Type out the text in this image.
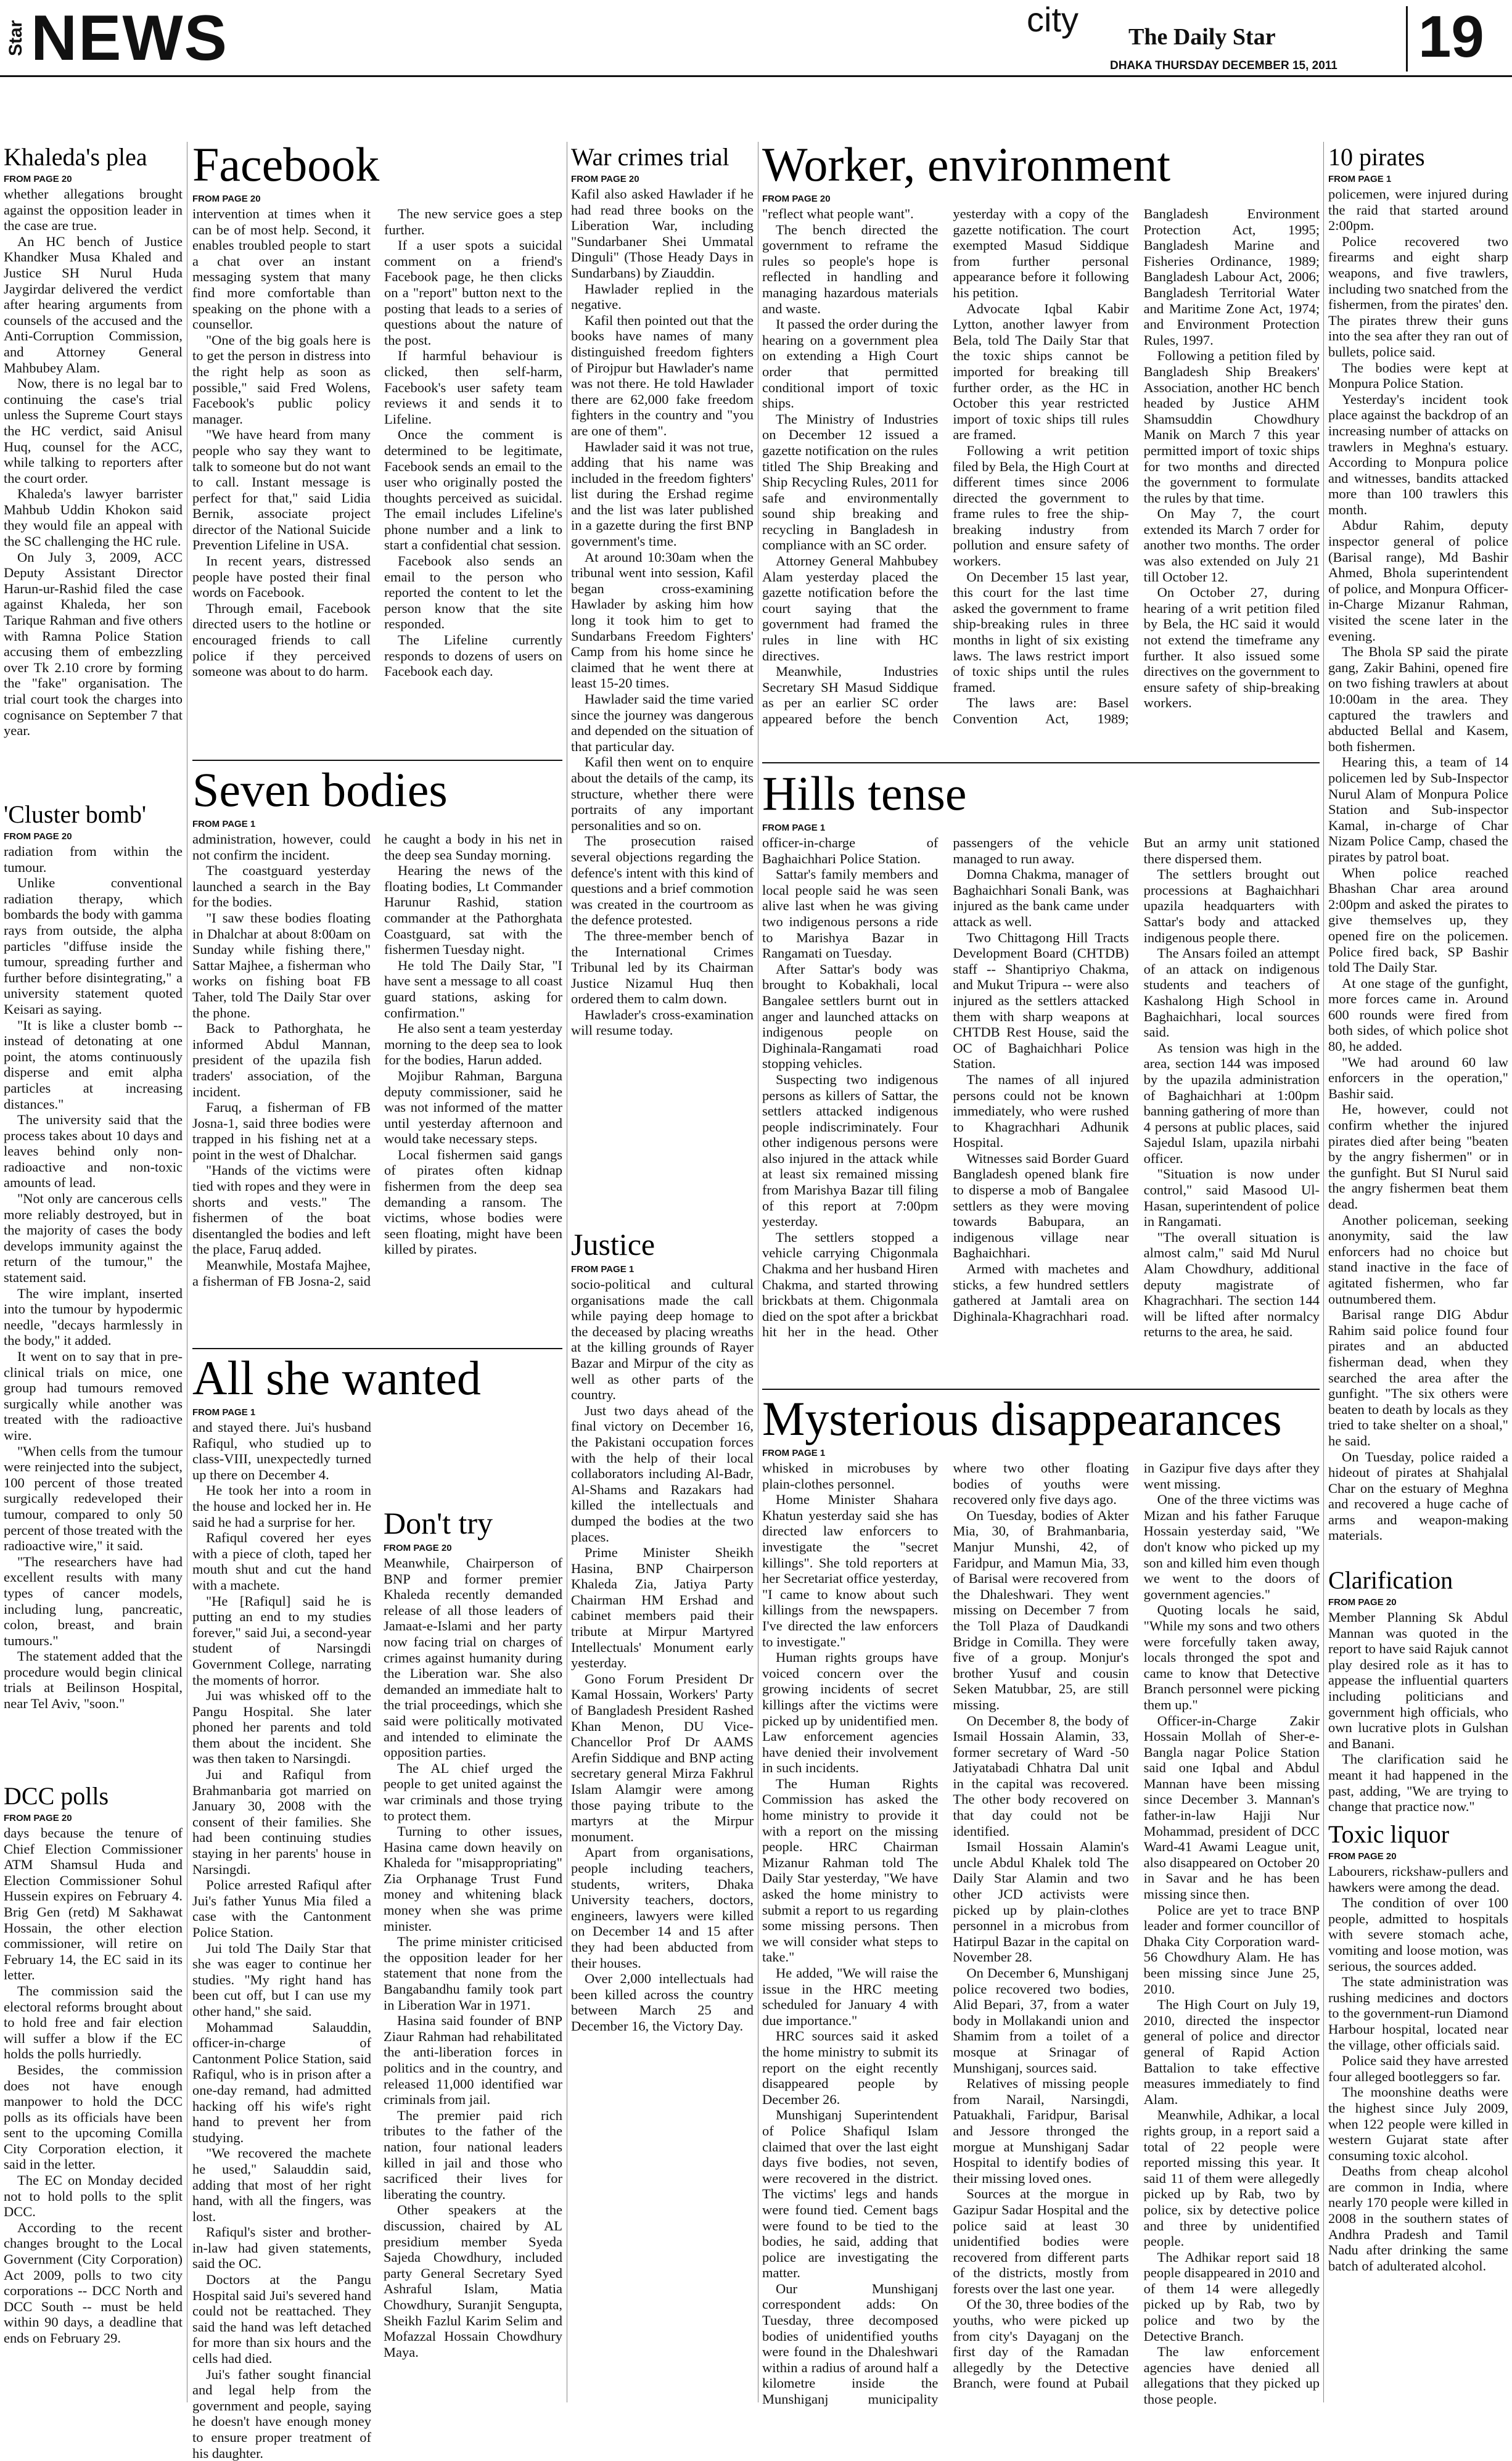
Star NEWS	city The Daily Star
DHAKA THURSDAY DECEMBER 15, 2011 19
Khaleda's plea
FROM PAGE 20

whether allegations brought against the opposition leader in the case are true.

An HC bench of Justice Khandker Musa Khaled and Justice SH Nurul Huda Jaygirdar delivered the verdict after hearing arguments from counsels of the accused and the Anti-Corruption Commission, and Attorney General Mahbubey Alam.

Now, there is no legal bar to continuing the case's trial unless the Supreme Court stays the HC verdict, said Anisul Huq, counsel for the ACC, while talking to reporters after the court order.

Khaleda's lawyer barrister Mahbub Uddin Khokon said they would file an appeal with the SC challenging the HC rule.

On July 3, 2009, ACC Deputy Assistant Director Harun-ur-Rashid filed the case against Khaleda, her son Tarique Rahman and five others with Ramna Police Station accusing them of embezzling over Tk 2.10 crore by forming the "fake" organisation. The trial court took the charges into cognisance on September 7 that year.

'Cluster bomb'
FROM PAGE 20

radiation from within the tumour.

Unlike conventional radiation therapy, which bombards the body with gamma rays from outside, the alpha particles "diffuse inside the tumour, spreading further and further before disintegrating," a university statement quoted Keisari as saying.

"It is like a cluster bomb -- instead of detonating at one point, the atoms continuously disperse and emit alpha particles at increasing distances."

The university said that the process takes about 10 days and leaves behind only non-radioactive and non-toxic amounts of lead.

"Not only are cancerous cells more reliably destroyed, but in the majority of cases the body develops immunity against the return of the tumour," the statement said.

The wire implant, inserted into the tumour by hypodermic needle, "decays harmlessly in the body," it added.

It went on to say that in pre-clinical trials on mice, one group had tumours removed surgically while another was treated with the radioactive wire.

"When cells from the tumour were reinjected into the subject, 100 percent of those treated surgically redeveloped their tumour, compared to only 50 percent of those treated with the radioactive wire," it said.

"The researchers have had excellent results with many types of cancer models, including lung, pancreatic, colon, breast, and brain tumours."

The statement added that the procedure would begin clinical trials at Beilinson Hospital, near Tel Aviv, "soon."

DCC polls
FROM PAGE 20

days because the tenure of Chief Election Commissioner ATM Shamsul Huda and Election Commissioner Sohul Hussein expires on February 4. Brig Gen (retd) M Sakhawat Hossain, the other election commissioner, will retire on February 14, the EC said in its letter.

The commission said the electoral reforms brought about to hold free and fair election will suffer a blow if the EC holds the polls hurriedly.

Besides, the commission does not have enough manpower to hold the DCC polls as its officials have been sent to the upcoming Comilla City Corporation election, it said in the letter.

The EC on Monday decided not to hold polls to the split DCC.

According to the recent changes brought to the Local Government (City Corporation) Act 2009, polls to two city corporations -- DCC North and DCC South -- must be held within 90 days, a deadline that ends on February 29.

Facebook
FROM PAGE 20

intervention at times when it can be of most help. Second, it enables troubled people to start a chat over an instant messaging system that many find more comfortable than speaking on the phone with a counsellor.

"One of the big goals here is to get the person in distress into the right help as soon as possible," said Fred Wolens, Facebook's public policy manager.

"We have heard from many people who say they want to talk to someone but do not want to call. Instant message is perfect for that," said Lidia Bernik, associate project director of the National Suicide Prevention Lifeline in USA.

In recent years, distressed people have posted their final words on Facebook.

Through email, Facebook directed users to the hotline or encouraged friends to call police if they perceived someone was about to do harm.

The new service goes a step further.

If a user spots a suicidal comment on a friend's Facebook page, he then clicks on a "report" button next to the posting that leads to a series of questions about the nature of the post.

If harmful behaviour is clicked, then self-harm, Facebook's user safety team reviews it and sends it to Lifeline.

Once the comment is determined to be legitimate, Facebook sends an email to the user who originally posted the thoughts perceived as suicidal. The email includes Lifeline's phone number and a link to start a confidential chat session.

Facebook also sends an email to the person who reported the content to let the person know that the site responded.

The Lifeline currently responds to dozens of users on Facebook each day.

Seven bodies
FROM PAGE 1

administration, however, could not confirm the incident.

The coastguard yesterday launched a search in the Bay for the bodies.

"I saw these bodies floating in Dhalchar at about 8:00am on Sunday while fishing there," Sattar Majhee, a fisherman who works on fishing boat FB Taher, told The Daily Star over the phone.

Back to Pathorghata, he informed Abdul Mannan, president of the upazila fish traders' association, of the incident.

Faruq, a fisherman of FB Josna-1, said three bodies were trapped in his fishing net at a point in the west of Dhalchar.

"Hands of the victims were tied with ropes and they were in shorts and vests." The fishermen of the boat disentangled the bodies and left the place, Faruq added.

Meanwhile, Mostafa Majhee, a fisherman of FB Josna-2, said he caught a body in his net in the deep sea Sunday morning.

Hearing the news of the floating bodies, Lt Commander Harunur Rashid, station commander at the Pathorghata Coastguard, sat with the fishermen Tuesday night.

He told The Daily Star, "I have sent a message to all coast guard stations, asking for confirmation."

He also sent a team yesterday morning to the deep sea to look for the bodies, Harun added.

Mojibur Rahman, Barguna deputy commissioner, said he was not informed of the matter until yesterday afternoon and would take necessary steps.

Local fishermen said gangs of pirates often kidnap fishermen from the deep sea demanding a ransom. The victims, whose bodies were seen floating, might have been killed by pirates.

All she wanted
FROM PAGE 1

and stayed there. Jui's husband Rafiqul, who studied up to class-VIII, unexpectedly turned up there on December 4.

He took her into a room in the house and locked her in. He said he had a surprise for her.

Rafiqul covered her eyes with a piece of cloth, taped her mouth shut and cut the hand with a machete.

"He [Rafiqul] said he is putting an end to my studies forever," said Jui, a second-year student of Narsingdi Government College, narrating the moments of horror.

Jui was whisked off to the Pangu Hospital. She later phoned her parents and told them about the incident. She was then taken to Narsingdi.

Jui and Rafiqul from Brahmanbaria got married on January 30, 2008 with the consent of their families. She had been continuing studies staying in her parents' house in Narsingdi.

Police arrested Rafiqul after Jui's father Yunus Mia filed a case with the Cantonment Police Station.

Jui told The Daily Star that she was eager to continue her studies. "My right hand has been cut off, but I can use my other hand," she said.

Mohammad Salauddin, officer-in-charge of Cantonment Police Station, said Rafiqul, who is in prison after a one-day remand, had admitted hacking off his wife's right hand to prevent her from studying.

"We recovered the machete he used," Salauddin said, adding that most of her right hand, with all the fingers, was lost.

Rafiqul's sister and brother-in-law had given statements, said the OC.

Doctors at the Pangu Hospital said Jui's severed hand could not be reattached. They said the hand was left detached for more than six hours and the cells had died.

Jui's father sought financial and legal help from the government and people, saying he doesn't have enough money to ensure proper treatment of his daughter.

Don't try
FROM PAGE 20

Meanwhile, Chairperson of BNP and former premier Khaleda recently demanded release of all those leaders of Jamaat-e-Islami and her party now facing trial on charges of crimes against humanity during the Liberation war. She also demanded an immediate halt to the trial proceedings, which she said were politically motivated and intended to eliminate the opposition parties.

The AL chief urged the people to get united against the war criminals and those trying to protect them.

Turning to other issues, Hasina came down heavily on Khaleda for "misappropriating" Zia Orphanage Trust Fund money and whitening black money when she was prime minister.

The prime minister criticised the opposition leader for her statement that none from the Bangabandhu family took part in Liberation War in 1971.

Hasina said founder of BNP Ziaur Rahman had rehabilitated the anti-liberation forces in politics and in the country, and released 11,000 identified war criminals from jail.

The premier paid rich tributes to the father of the nation, four national leaders killed in jail and those who sacrificed their lives for liberating the country.

Other speakers at the discussion, chaired by AL presidium member Syeda Sajeda Chowdhury, included party General Secretary Syed Ashraful Islam, Matia Chowdhury, Suranjit Sengupta, Sheikh Fazlul Karim Selim and Mofazzal Hossain Chowdhury Maya.

War crimes trial
FROM PAGE 20

Kafil also asked Hawlader if he had read three books on the Liberation War, including "Sundarbaner Shei Ummatal Dinguli" (Those Heady Days in Sundarbans) by Ziauddin.

Hawlader replied in the negative.

Kafil then pointed out that the books have names of many distinguished freedom fighters of Pirojpur but Hawlader's name was not there. He told Hawlader there are 62,000 fake freedom fighters in the country and "you are one of them".

Hawlader said it was not true, adding that his name was included in the freedom fighters' list during the Ershad regime and the list was later published in a gazette during the first BNP government's time.

At around 10:30am when the tribunal went into session, Kafil began cross-examining Hawlader by asking him how long it took him to get to Sundarbans Freedom Fighters' Camp from his home since he claimed that he went there at least 15-20 times.

Hawlader said the time varied since the journey was dangerous and depended on the situation of that particular day.

Kafil then went on to enquire about the details of the camp, its structure, whether there were portraits of any important personalities and so on.

The prosecution raised several objections regarding the defence's intent with this kind of questions and a brief commotion was created in the courtroom as the defence protested.

The three-member bench of the International Crimes Tribunal led by its Chairman Justice Nizamul Huq then ordered them to calm down.

Hawlader's cross-examination will resume today.

Justice
FROM PAGE 1

socio-political and cultural organisations made the call while paying deep homage to the deceased by placing wreaths at the killing grounds of Rayer Bazar and Mirpur of the city as well as other parts of the country.

Just two days ahead of the final victory on December 16, the Pakistani occupation forces with the help of their local collaborators including Al-Badr, Al-Shams and Razakars had killed the intellectuals and dumped the bodies at the two places.

Prime Minister Sheikh Hasina, BNP Chairperson Khaleda Zia, Jatiya Party Chairman HM Ershad and cabinet members paid their tribute at Mirpur Martyred Intellectuals' Monument early yesterday.

Gono Forum President Dr Kamal Hossain, Workers' Party of Bangladesh President Rashed Khan Menon, DU Vice-Chancellor Prof Dr AAMS Arefin Siddique and BNP acting secretary general Mirza Fakhrul Islam Alamgir were among those paying tribute to the martyrs at the Mirpur monument.

Apart from organisations, people including teachers, students, writers, Dhaka University teachers, doctors, engineers, lawyers were killed on December 14 and 15 after they had been abducted from their houses.

Over 2,000 intellectuals had been killed across the country between March 25 and December 16, the Victory Day.

Worker, environment
FROM PAGE 20

"reflect what people want".

The bench directed the government to reframe the rules so people's hope is reflected in handling and managing hazardous materials and waste.

It passed the order during the hearing on a government plea on extending a High Court order that permitted conditional import of toxic ships.

The Ministry of Industries on December 12 issued a gazette notification on the rules titled The Ship Breaking and Ship Recycling Rules, 2011 for safe and environmentally sound ship breaking and recycling in Bangladesh in compliance with an SC order.

Attorney General Mahbubey Alam yesterday placed the gazette notification before the court saying that the government had framed the rules in line with HC directives.

Meanwhile, Industries Secretary SH Masud Siddique as per an earlier SC order appeared before the bench yesterday with a copy of the gazette notification. The court exempted Masud Siddique from further personal appearance before it following his petition.

Advocate Iqbal Kabir Lytton, another lawyer from Bela, told The Daily Star that the toxic ships cannot be imported for breaking till further order, as the HC in October this year restricted import of toxic ships till rules are framed.

Following a writ petition filed by Bela, the High Court at different times since 2006 directed the government to frame rules to free the ship-breaking industry from pollution and ensure safety of workers.

On December 15 last year, this court for the last time asked the government to frame ship-breaking rules in three months in light of six existing laws. The laws restrict import of toxic ships until the rules framed.

The laws are: Basel Convention Act, 1989; Bangladesh Environment Protection Act, 1995; Bangladesh Marine and Fisheries Ordinance, 1989; Bangladesh Labour Act, 2006; Bangladesh Territorial Water and Maritime Zone Act, 1974; and Environment Protection Rules, 1997.

Following a petition filed by Bangladesh Ship Breakers' Association, another HC bench headed by Justice AHM Shamsuddin Chowdhury Manik on March 7 this year permitted import of toxic ships for two months and directed the government to formulate the rules by that time.

On May 7, the court extended its March 7 order for another two months. The order was also extended on July 21 till October 12.

On October 27, during hearing of a writ petition filed by Bela, the HC said it would not extend the timeframe any further. It also issued some directives on the government to ensure safety of ship-breaking workers.

Hills tense
FROM PAGE 1

officer-in-charge of Baghaichhari Police Station.

Sattar's family members and local people said he was seen alive last when he was giving two indigenous persons a ride to Marishya Bazar in Rangamati on Tuesday.

After Sattar's body was brought to Kobakhali, local Bangalee settlers burnt out in anger and launched attacks on indigenous people on Dighinala-Rangamati road stopping vehicles.

Suspecting two indigenous persons as killers of Sattar, the settlers attacked indigenous people indiscriminately. Four other indigenous persons were also injured in the attack while at least six remained missing from Marishya Bazar till filing of this report at 7:00pm yesterday.

The settlers stopped a vehicle carrying Chigonmala Chakma and her husband Hiren Chakma, and started throwing brickbats at them. Chigonmala died on the spot after a brickbat hit her in the head. Other passengers of the vehicle managed to run away.

Domna Chakma, manager of Baghaichhari Sonali Bank, was injured as the bank came under attack as well.

Two Chittagong Hill Tracts Development Board (CHTDB) staff -- Shantipriyo Chakma, and Mukut Tripura -- were also injured as the settlers attacked them with sharp weapons at CHTDB Rest House, said the OC of Baghaichhari Police Station.

The names of all injured persons could not be known immediately, who were rushed to Khagrachhari Adhunik Hospital.

Witnesses said Border Guard Bangladesh opened blank fire to disperse a mob of Bangalee settlers as they were moving towards Babupara, an indigenous village near Baghaichhari.

Armed with machetes and sticks, a few hundred settlers gathered at Jamtali area on Dighinala-Khagrachhari road. But an army unit stationed there dispersed them.

The settlers brought out processions at Baghaichhari upazila headquarters with Sattar's body and attacked indigenous people there.

The Ansars foiled an attempt of an attack on indigenous students and teachers of Kashalong High School in Baghaichhari, local sources said.

As tension was high in the area, section 144 was imposed by the upazila administration of Baghaichhari at 1:00pm banning gathering of more than 4 persons at public places, said Sajedul Islam, upazila nirbahi officer.

"Situation is now under control," said Masood Ul-Hasan, superintendent of police in Rangamati.

"The overall situation is almost calm," said Md Nurul Alam Chowdhury, additional deputy magistrate of Khagrachhari. The section 144 will be lifted after normalcy returns to the area, he said.

Mysterious disappearances
FROM PAGE 1

whisked in microbuses by plain-clothes personnel.

Home Minister Shahara Khatun yesterday said she has directed law enforcers to investigate the "secret killings". She told reporters at her Secretariat office yesterday, "I came to know about such killings from the newspapers. I've directed the law enforcers to investigate."

Human rights groups have voiced concern over the growing incidents of secret killings after the victims were picked up by unidentified men. Law enforcement agencies have denied their involvement in such incidents.

The Human Rights Commission has asked the home ministry to provide it with a report on the missing people. HRC Chairman Mizanur Rahman told The Daily Star yesterday, "We have asked the home ministry to submit a report to us regarding some missing persons. Then we will consider what steps to take."

He added, "We will raise the issue in the HRC meeting scheduled for January 4 with due importance."

HRC sources said it asked the home ministry to submit its report on the eight recently disappeared people by December 26.

Munshiganj Superintendent of Police Shafiqul Islam claimed that over the last eight days five bodies, not seven, were recovered in the district. The victims' legs and hands were found tied. Cement bags were found to be tied to the bodies, he said, adding that police are investigating the matter.

Our Munshiganj correspondent adds: On Tuesday, three decomposed bodies of unidentified youths were found in the Dhaleshwari within a radius of around half a kilometre inside the Munshiganj municipality where two other floating bodies of youths were recovered only five days ago.

On Tuesday, bodies of Akter Mia, 30, of Brahmanbaria, Manjur Munshi, 42, of Faridpur, and Mamun Mia, 33, of Barisal were recovered from the Dhaleshwari. They went missing on December 7 from the Toll Plaza of Daudkandi Bridge in Comilla. They were five of a group. Monjur's brother Yusuf and cousin Seken Matubbar, 25, are still missing.

On December 8, the body of Ismail Hossain Alamin, 33, former secretary of Ward -50 Jatiyatabadi Chhatra Dal unit in the capital was recovered. The other body recovered on that day could not be identified.

Ismail Hossain Alamin's uncle Abdul Khalek told The Daily Star Alamin and two other JCD activists were picked up by plain-clothes personnel in a microbus from Hatirpul Bazar in the capital on November 28.

On December 6, Munshiganj police recovered two bodies, Alid Bepari, 37, from a water body in Mollakandi union and Shamim from a toilet of a mosque at Srinagar of Munshiganj, sources said.

Relatives of missing people from Narail, Narsingdi, Patuakhali, Faridpur, Barisal and Jessore thronged the morgue at Munshiganj Sadar Hospital to identify bodies of their missing loved ones.

Sources at the morgue in Gazipur Sadar Hospital and the police said at least 30 unidentified bodies were recovered from different parts of the districts, mostly from forests over the last one year.

Of the 30, three bodies of the youths, who were picked up from city's Dayaganj on the first day of the Ramadan allegedly by the Detective Branch, were found at Pubail in Gazipur five days after they went missing.

One of the three victims was Mizan and his father Faruque Hossain yesterday said, "We don't know who picked up my son and killed him even though we went to the doors of government agencies."

Quoting locals he said, "While my sons and two others were forcefully taken away, locals thronged the spot and came to know that Detective Branch personnel were picking them up."

Officer-in-Charge Zakir Hossain Mollah of Sher-e-Bangla nagar Police Station said one Iqbal and Abdul Mannan have been missing since December 3. Mannan's father-in-law Hajji Nur Mohammad, president of DCC Ward-41 Awami League unit, also disappeared on October 20 in Savar and he has been missing since then.

Police are yet to trace BNP leader and former councillor of Dhaka City Corporation ward-56 Chowdhury Alam. He has been missing since June 25, 2010.

The High Court on July 19, 2010, directed the inspector general of police and director general of Rapid Action Battalion to take effective measures immediately to find Alam.

Meanwhile, Adhikar, a local rights group, in a report said a total of 22 people were reported missing this year. It said 11 of them were allegedly picked up by Rab, two by police, six by detective police and three by unidentified people.

The Adhikar report said 18 people disappeared in 2010 and of them 14 were allegedly picked up by Rab, two by police and two by the Detective Branch.

The law enforcement agencies have denied all allegations that they picked up those people.

10 pirates
FROM PAGE 1

policemen, were injured during the raid that started around 2:00pm.

Police recovered two firearms and eight sharp weapons, and five trawlers, including two snatched from the fishermen, from the pirates' den. The pirates threw their guns into the sea after they ran out of bullets, police said.

The bodies were kept at Monpura Police Station.

Yesterday's incident took place against the backdrop of an increasing number of attacks on trawlers in Meghna's estuary. According to Monpura police and witnesses, bandits attacked more than 100 trawlers this month.

Abdur Rahim, deputy inspector general of police (Barisal range), Md Bashir Ahmed, Bhola superintendent of police, and Monpura Officer-in-Charge Mizanur Rahman, visited the scene later in the evening.

The Bhola SP said the pirate gang, Zakir Bahini, opened fire on two fishing trawlers at about 10:00am in the area. They captured the trawlers and abducted Bellal and Kasem, both fishermen.

Hearing this, a team of 14 policemen led by Sub-Inspector Nurul Alam of Monpura Police Station and Sub-inspector Kamal, in-charge of Char Nizam Police Camp, chased the pirates by patrol boat.

When police reached Bhashan Char area around 2:00pm and asked the pirates to give themselves up, they opened fire on the policemen. Police fired back, SP Bashir told The Daily Star.

At one stage of the gunfight, more forces came in. Around 600 rounds were fired from both sides, of which police shot 80, he added.

"We had around 60 law enforcers in the operation," Bashir said.

He, however, could not confirm whether the injured pirates died after being "beaten by the angry fishermen" or in the gunfight. But SI Nurul said the angry fishermen beat them dead.

Another policeman, seeking anonymity, said the law enforcers had no choice but stand inactive in the face of agitated fishermen, who far outnumbered them.

Barisal range DIG Abdur Rahim said police found four pirates and an abducted fisherman dead, when they searched the area after the gunfight. "The six others were beaten to death by locals as they tried to take shelter on a shoal," he said.

On Tuesday, police raided a hideout of pirates at Shahjalal Char on the estuary of Meghna and recovered a huge cache of arms and weapon-making materials.

Clarification
FROM PAGE 20

Member Planning Sk Abdul Mannan was quoted in the report to have said Rajuk cannot play desired role as it has to appease the influential quarters including politicians and government high officials, who own lucrative plots in Gulshan and Banani.

The clarification said he meant it had happened in the past, adding, "We are trying to change that practice now."

Toxic liquor
FROM PAGE 20

Labourers, rickshaw-pullers and hawkers were among the dead.

The condition of over 100 people, admitted to hospitals with severe stomach ache, vomiting and loose motion, was serious, the sources added.

The state administration was rushing medicines and doctors to the government-run Diamond Harbour hospital, located near the village, other officials said.

Police said they have arrested four alleged bootleggers so far.

The moonshine deaths were the highest since July 2009, when 122 people were killed in western Gujarat state after consuming toxic alcohol.

Deaths from cheap alcohol are common in India, where nearly 170 people were killed in 2008 in the southern states of Andhra Pradesh and Tamil Nadu after drinking the same batch of adulterated alcohol.
